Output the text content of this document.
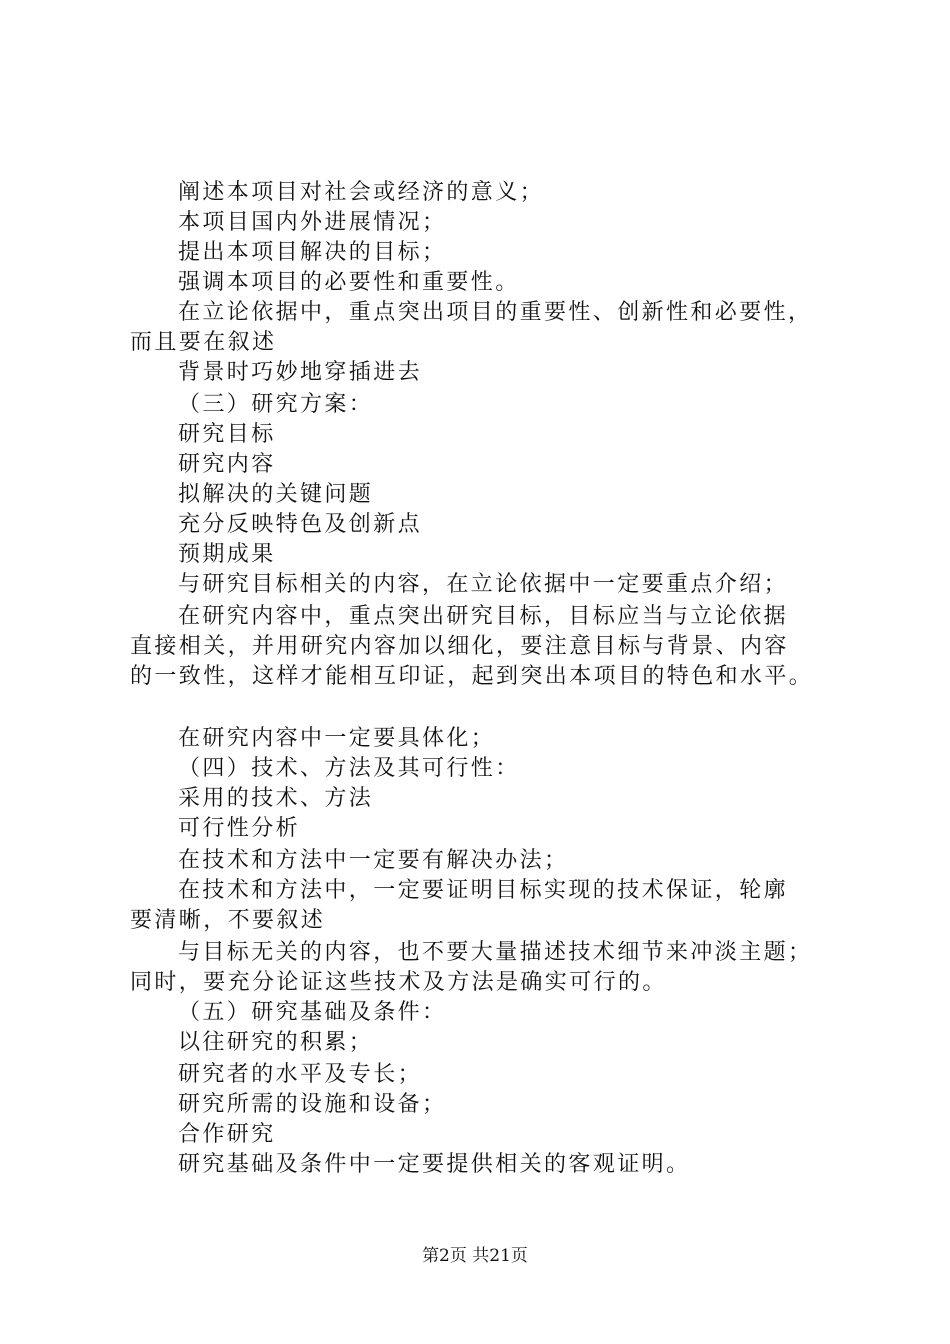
阐述本项目对社会或经济的意义；
本项目国内外进展情况；
提出本项目解决的目标；
强调本项目的必要性和重要性。
在立论依据中，重点突出项目的重要性、创新性和必要性，
而且要在叙述
背景时巧妙地穿插进去
（三）研究方案：
研究目标
研究内容
拟解决的关键问题
充分反映特色及创新点
预期成果
与研究目标相关的内容，在立论依据中一定要重点介绍；
在研究内容中，重点突出研究目标，目标应当与立论依据
直接相关，并用研究内容加以细化，要注意目标与背景、内容
的一致性，这样才能相互印证，起到突出本项目的特色和水平。
在研究内容中一定要具体化；
（四）技术、方法及其可行性：
采用的技术、方法
可行性分析
在技术和方法中一定要有解决办法；
在技术和方法中，一定要证明目标实现的技术保证，轮廓
要清晰，不要叙述
与目标无关的内容，也不要大量描述技术细节来冲淡主题；
同时，要充分论证这些技术及方法是确实可行的。
（五）研究基础及条件：
以往研究的积累；
研究者的水平及专长；
研究所需的设施和设备；
合作研究
研究基础及条件中一定要提供相关的客观证明。
第2页 共21页
